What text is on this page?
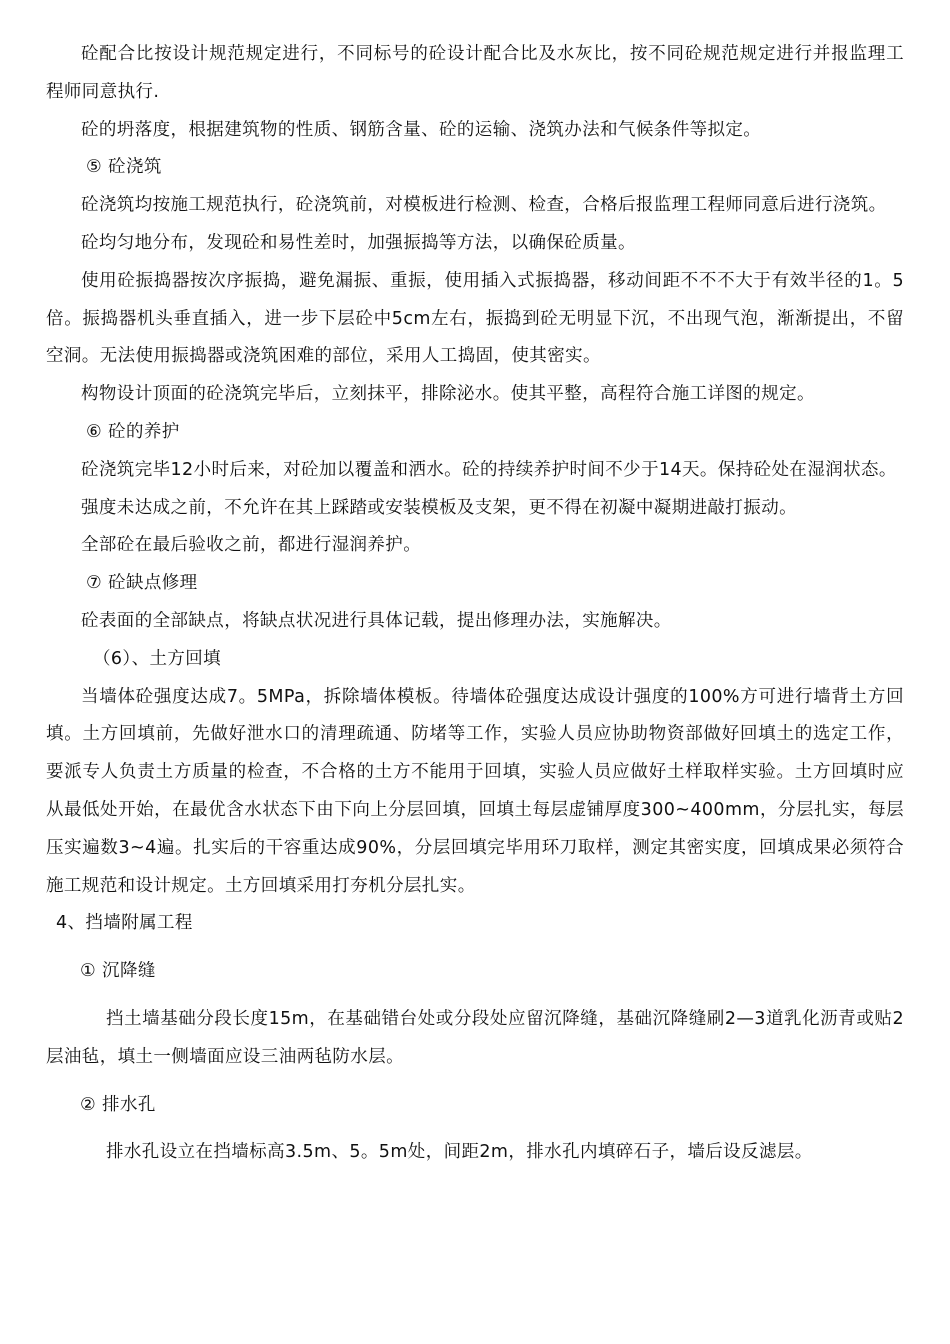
砼配合比按设计规范规定进行，不同标号的砼设计配合比及水灰比，按不同砼规范规定进行并报监理工程师同意执行.

砼的坍落度，根据建筑物的性质、钢筋含量、砼的运输、浇筑办法和气候条件等拟定。

⑤ 砼浇筑

砼浇筑均按施工规范执行，砼浇筑前，对模板进行检测、检查，合格后报监理工程师同意后进行浇筑。

砼均匀地分布，发现砼和易性差时，加强振捣等方法，以确保砼质量。

使用砼振捣器按次序振捣，避免漏振、重振，使用插入式振捣器，移动间距不不不大于有效半径的1。5倍。振捣器机头垂直插入，进一步下层砼中5cm左右，振捣到砼无明显下沉，不出现气泡，渐渐提出，不留空洞。无法使用振捣器或浇筑困难的部位，采用人工捣固，使其密实。

构物设计顶面的砼浇筑完毕后，立刻抹平，排除泌水。使其平整，高程符合施工详图的规定。

⑥ 砼的养护

砼浇筑完毕12小时后来，对砼加以覆盖和洒水。砼的持续养护时间不少于14天。保持砼处在湿润状态。

强度未达成之前，不允许在其上踩踏或安装模板及支架，更不得在初凝中凝期进敲打振动。

全部砼在最后验收之前，都进行湿润养护。

⑦ 砼缺点修理

砼表面的全部缺点，将缺点状况进行具体记载，提出修理办法，实施解决。

（6）、土方回填

当墙体砼强度达成7。5MPa，拆除墙体模板。待墙体砼强度达成设计强度的100%方可进行墙背土方回填。土方回填前，先做好泄水口的清理疏通、防堵等工作，实验人员应协助物资部做好回填土的选定工作，要派专人负责土方质量的检查，不合格的土方不能用于回填，实验人员应做好土样取样实验。土方回填时应从最低处开始，在最优含水状态下由下向上分层回填，回填土每层虚铺厚度300~400mm，分层扎实，每层压实遍数3~4遍。扎实后的干容重达成90%，分层回填完毕用环刀取样，测定其密实度，回填成果必须符合施工规范和设计规定。土方回填采用打夯机分层扎实。

4、挡墙附属工程

① 沉降缝

挡土墙基础分段长度15m，在基础错台处或分段处应留沉降缝，基础沉降缝刷2—3道乳化沥青或贴2层油毡，填土一侧墙面应设三油两毡防水层。

② 排水孔

排水孔设立在挡墙标高3.5m、5。5m处，间距2m，排水孔内填碎石子，墙后设反滤层。
